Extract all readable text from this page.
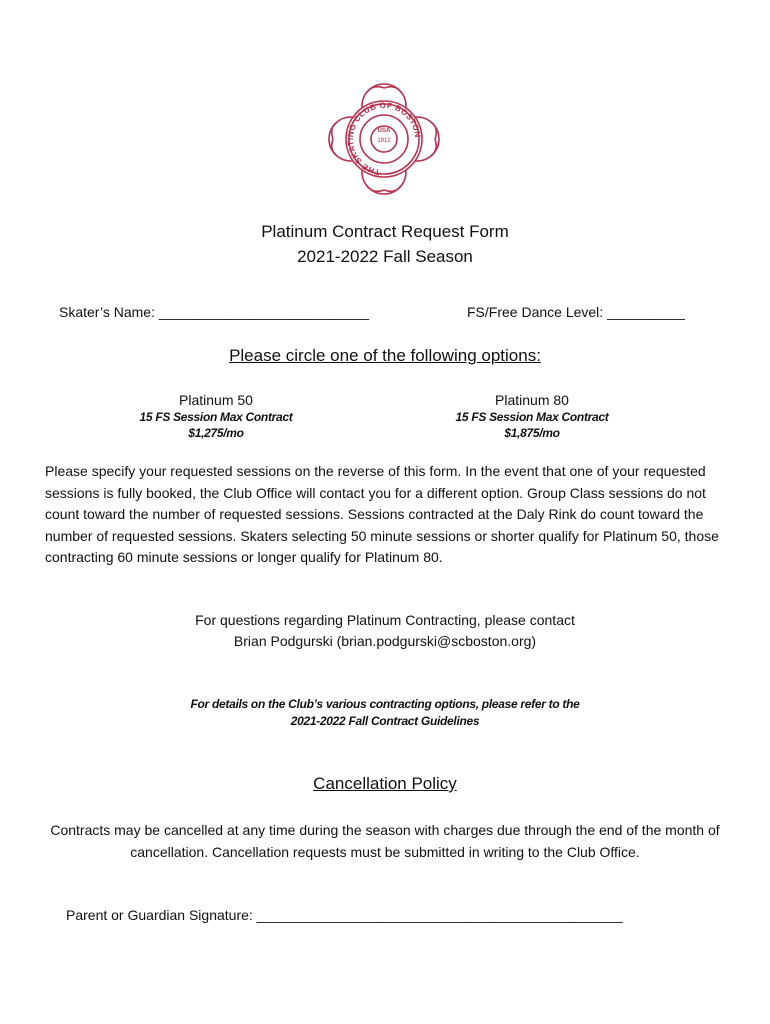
THE SKATING CLUB OF BOSTON
USA
1912
Platinum Contract Request Form
2021-2022 Fall Season
Skater’s Name: ___________________________	FS/Free Dance Level: __________
Please circle one of the following options:
Platinum 50
15 FS Session Max Contract
$1,275/mo
Platinum 80
15 FS Session Max Contract
$1,875/mo
Please specify your requested sessions on the reverse of this form. In the event that one of your requested sessions is fully booked, the Club Office will contact you for a different option. Group Class sessions do not count toward the number of requested sessions. Sessions contracted at the Daly Rink do count toward the number of requested sessions. Skaters selecting 50 minute sessions or shorter qualify for Platinum 50, those contracting 60 minute sessions or longer qualify for Platinum 80.
For questions regarding Platinum Contracting, please contact
Brian Podgurski (brian.podgurski@scboston.org)
For details on the Club’s various contracting options, please refer to the
2021-2022 Fall Contract Guidelines
Cancellation Policy
Contracts may be cancelled at any time during the season with charges due through the end of the month of cancellation. Cancellation requests must be submitted in writing to the Club Office.
Parent or Guardian Signature: _______________________________________________
